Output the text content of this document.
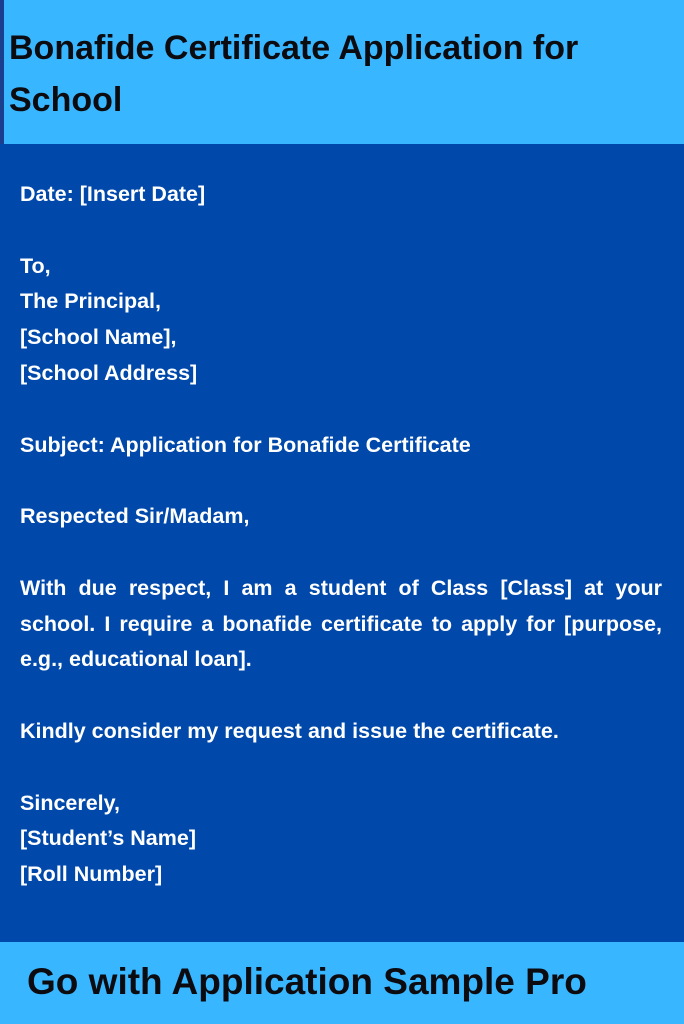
Bonafide Certificate Application for School
Date: [Insert Date]
To,
The Principal,
[School Name],
[School Address]
Subject: Application for Bonafide Certificate
Respected Sir/Madam,
With due respect, I am a student of Class [Class] at your school. I require a bonafide certificate to apply for [purpose, e.g., educational loan].
Kindly consider my request and issue the certificate.
Sincerely,
[Student’s Name]
[Roll Number]

Go with Application Sample Pro
